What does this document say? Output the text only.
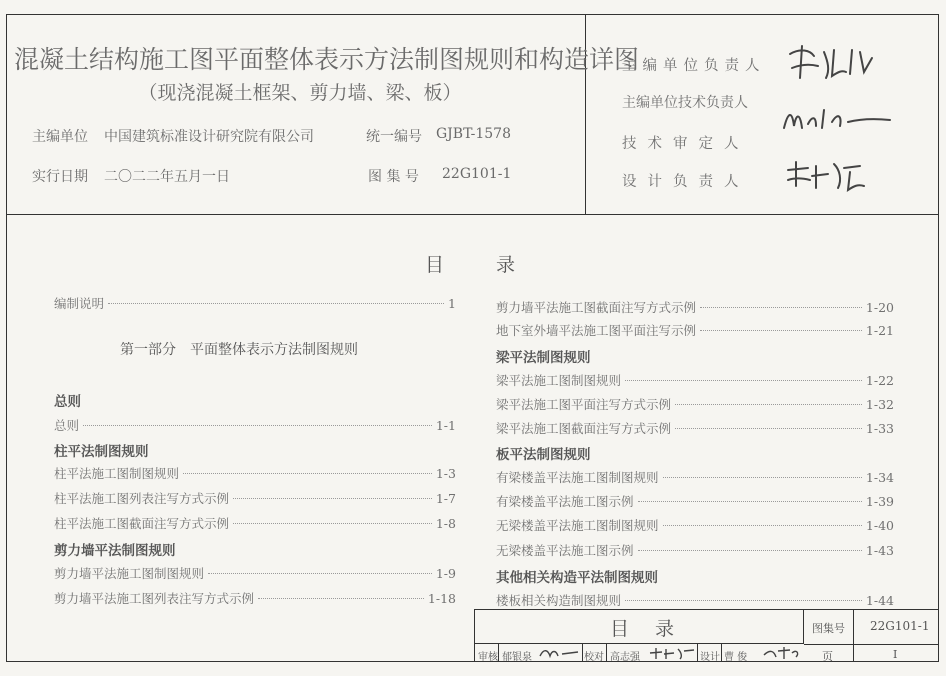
混凝土结构施工图平面整体表示方法制图规则和构造详图
（现浇混凝土框架、剪力墙、梁、板）
主编单位 中国建筑标准设计研究院有限公司	统一编号 GJBT-1578
实行日期 二〇二二年五月一日	图 集 号 22G101-1
主编单位负责人
主编单位技术负责人
技术审定人
设计负责人
目	录
编制说明	1
第一部分　平面整体表示方法制图规则
总则
总则	1-1
柱平法制图规则
柱平法施工图制图规则	1-3
柱平法施工图列表注写方式示例	1-7
柱平法施工图截面注写方式示例	1-8
剪力墙平法制图规则
剪力墙平法施工图制图规则	1-9
剪力墙平法施工图列表注写方式示例	1-18
剪力墙平法施工图截面注写方式示例	1-20
地下室外墙平法施工图平面注写示例	1-21
梁平法制图规则
梁平法施工图制图规则	1-22
梁平法施工图平面注写方式示例	1-32
梁平法施工图截面注写方式示例	1-33
板平法制图规则
有梁楼盖平法施工图制图规则	1-34
有梁楼盖平法施工图示例	1-39
无梁楼盖平法施工图制图规则	1-40
无梁楼盖平法施工图示例	1-43
其他相关构造平法制图规则
楼板相关构造制图规则	1-44
目 录	图集号 22G101-1
页	I
审核 郁银泉	校对 高志强	设计 曹 俊
